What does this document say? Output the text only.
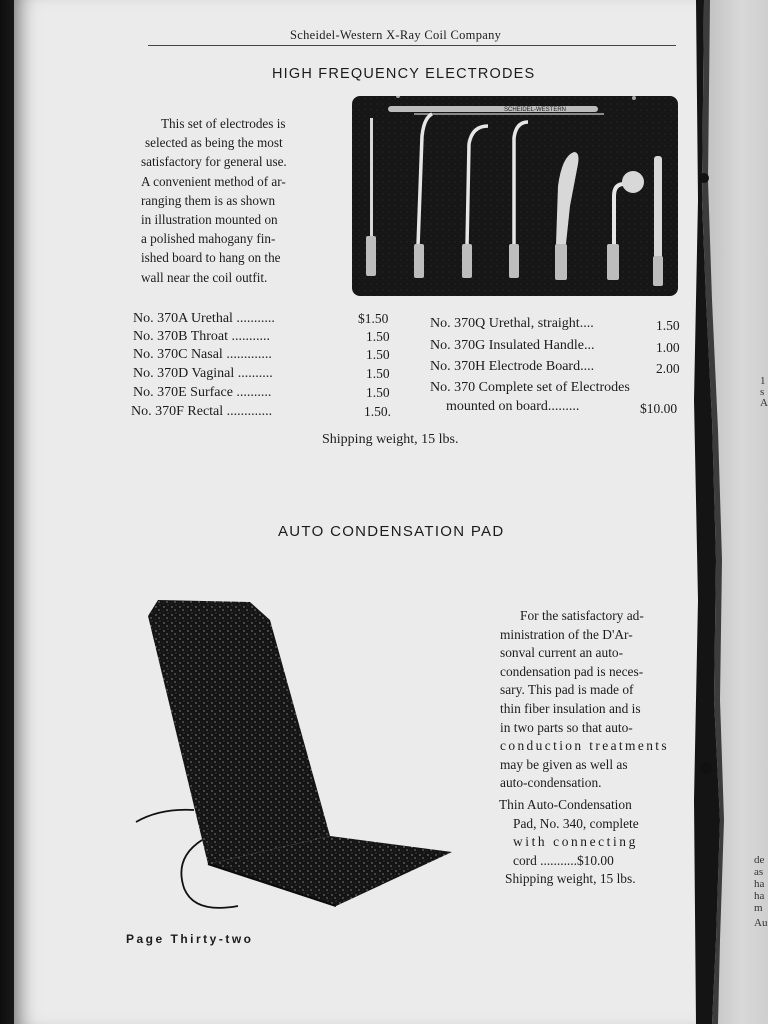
1
s
A
de
as
ha
ha
m
Au
Scheidel-Western X-Ray Coil Company
HIGH FREQUENCY ELECTRODES
This set of electrodes is
selected as being the most
satisfactory for general use.
A convenient method of ar-
ranging them is as shown
in illustration mounted on
a polished mahogany fin-
ished board to hang on the
wall near the coil outfit.
SCHEIDEL-WESTERN
No. 370A Urethal ...........	$1.50
No. 370B Throat ...........	1.50
No. 370C Nasal .............	1.50
No. 370D Vaginal ..........	1.50
No. 370E Surface ..........	1.50
No. 370F Rectal .............	1.50.
No. 370Q Urethal, straight....	1.50
No. 370G Insulated Handle...	1.00
No. 370H Electrode Board....	2.00
No. 370 Complete set of Electrodes
mounted on board.........	$10.00
Shipping weight, 15 lbs.
AUTO CONDENSATION PAD
For the satisfactory ad-
ministration of the D'Ar-
sonval current an auto-
condensation pad is neces-
sary. This pad is made of
thin fiber insulation and is
in two parts so that auto-
conduction treatments
may be given as well as
auto-condensation.
Thin Auto-Condensation
Pad, No. 340, complete
with connecting
cord ...........$10.00
Shipping weight, 15 lbs.
Page Thirty-two
